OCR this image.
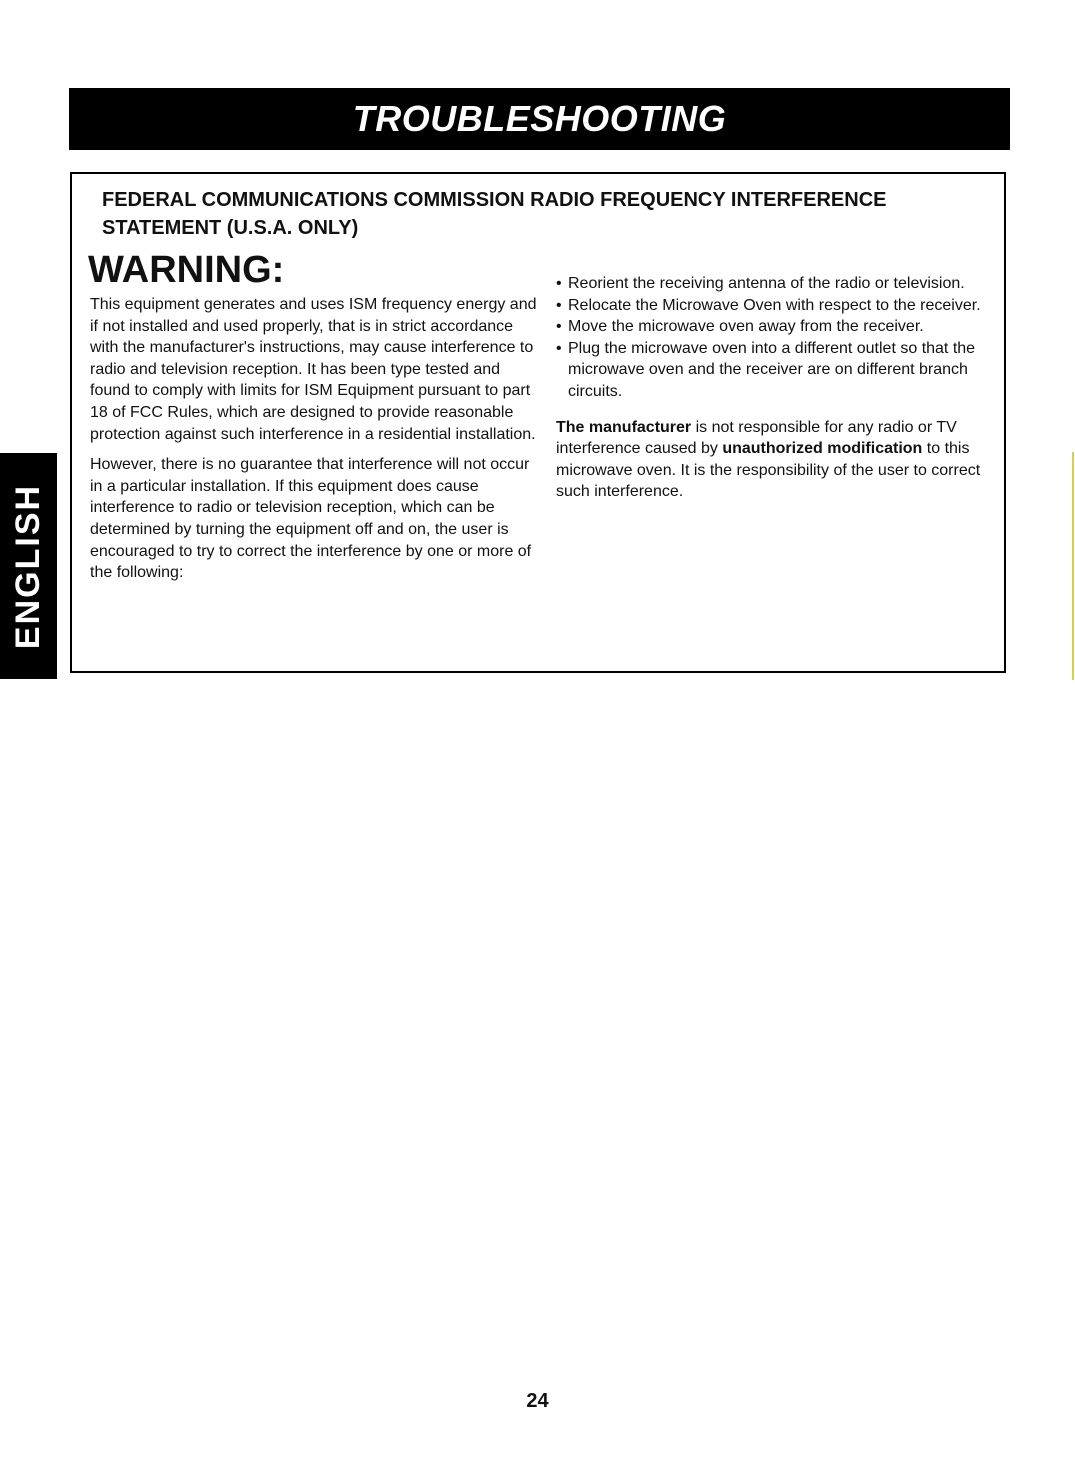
TROUBLESHOOTING
ENGLISH
FEDERAL COMMUNICATIONS COMMISSION RADIO FREQUENCY INTERFERENCE STATEMENT (U.S.A. ONLY)
WARNING:

This equipment generates and uses ISM frequency energy and if not installed and used properly, that is in strict accordance with the manufacturer's instructions, may cause interference to radio and television reception. It has been type tested and found to comply with limits for ISM Equipment pursuant to part 18 of FCC Rules, which are designed to provide reasonable protection against such interference in a residential installation.

However, there is no guarantee that interference will not occur in a particular installation. If this equipment does cause interference to radio or television reception, which can be determined by turning the equipment off and on, the user is encouraged to try to correct the interference by one or more of the following:

• Reorient the receiving antenna of the radio or television.
• Relocate the Microwave Oven with respect to the receiver.
• Move the microwave oven away from the receiver.
• Plug the microwave oven into a different outlet so that the microwave oven and the receiver are on different branch circuits.

The manufacturer is not responsible for any radio or TV interference caused by unauthorized modification to this microwave oven. It is the responsibility of the user to correct such interference.

24
